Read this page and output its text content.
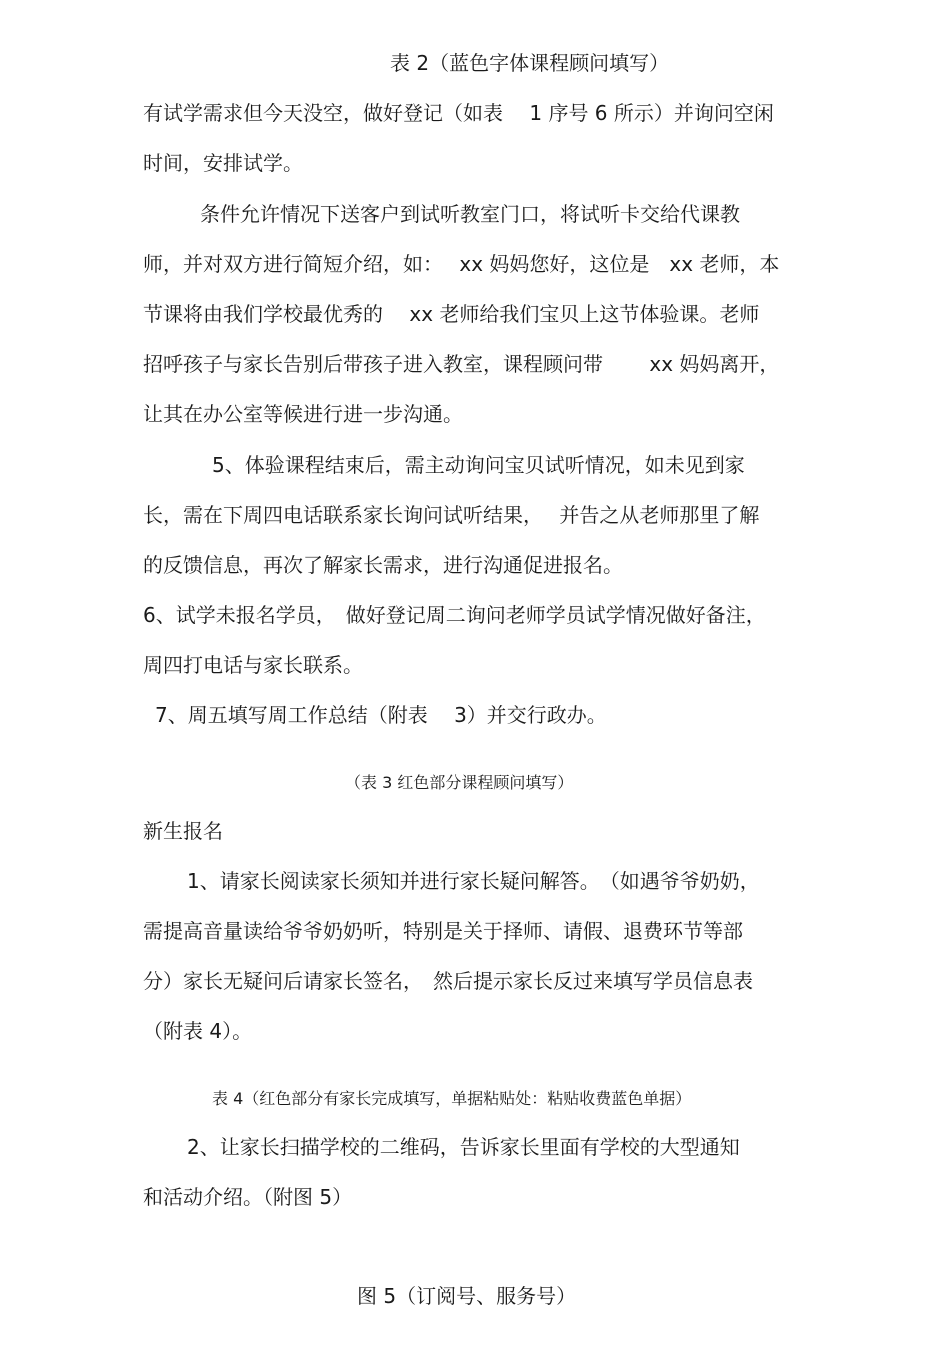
表 2（蓝色字体课程顾问填写）
有试学需求但今天没空，做好登记（如表　 1 序号 6 所示）并询问空闲
时间，安排试学。
条件允许情况下送客户到试听教室门口，将试听卡交给代课教
师，并对双方进行简短介绍，如：　 xx 妈妈您好，这位是　xx 老师，本
节课将由我们学校最优秀的　 xx 老师给我们宝贝上这节体验课。老师
招呼孩子与家长告别后带孩子进入教室，课程顾问带　　 xx 妈妈离开，
让其在办公室等候进行进一步沟通。
5、体验课程结束后，需主动询问宝贝试听情况，如未见到家
长，需在下周四电话联系家长询问试听结果，　 并告之从老师那里了解
的反馈信息，再次了解家长需求，进行沟通促进报名。
6、试学未报名学员，　做好登记周二询问老师学员试学情况做好备注，
周四打电话与家长联系。
7、周五填写周工作总结（附表　 3）并交行政办。
（表 3 红色部分课程顾问填写）
新生报名
1、请家长阅读家长须知并进行家长疑问解答。　（如遇爷爷奶奶，
需提高音量读给爷爷奶奶听，特别是关于择师、请假、退费环节等部
分）家长无疑问后请家长签名，　然后提示家长反过来填写学员信息表
（附表 4）。
表 4（红色部分有家长完成填写，单据粘贴处：粘贴收费蓝色单据）
2、让家长扫描学校的二维码，告诉家长里面有学校的大型通知
和活动介绍。（附图 5）
图 5（订阅号、服务号）
